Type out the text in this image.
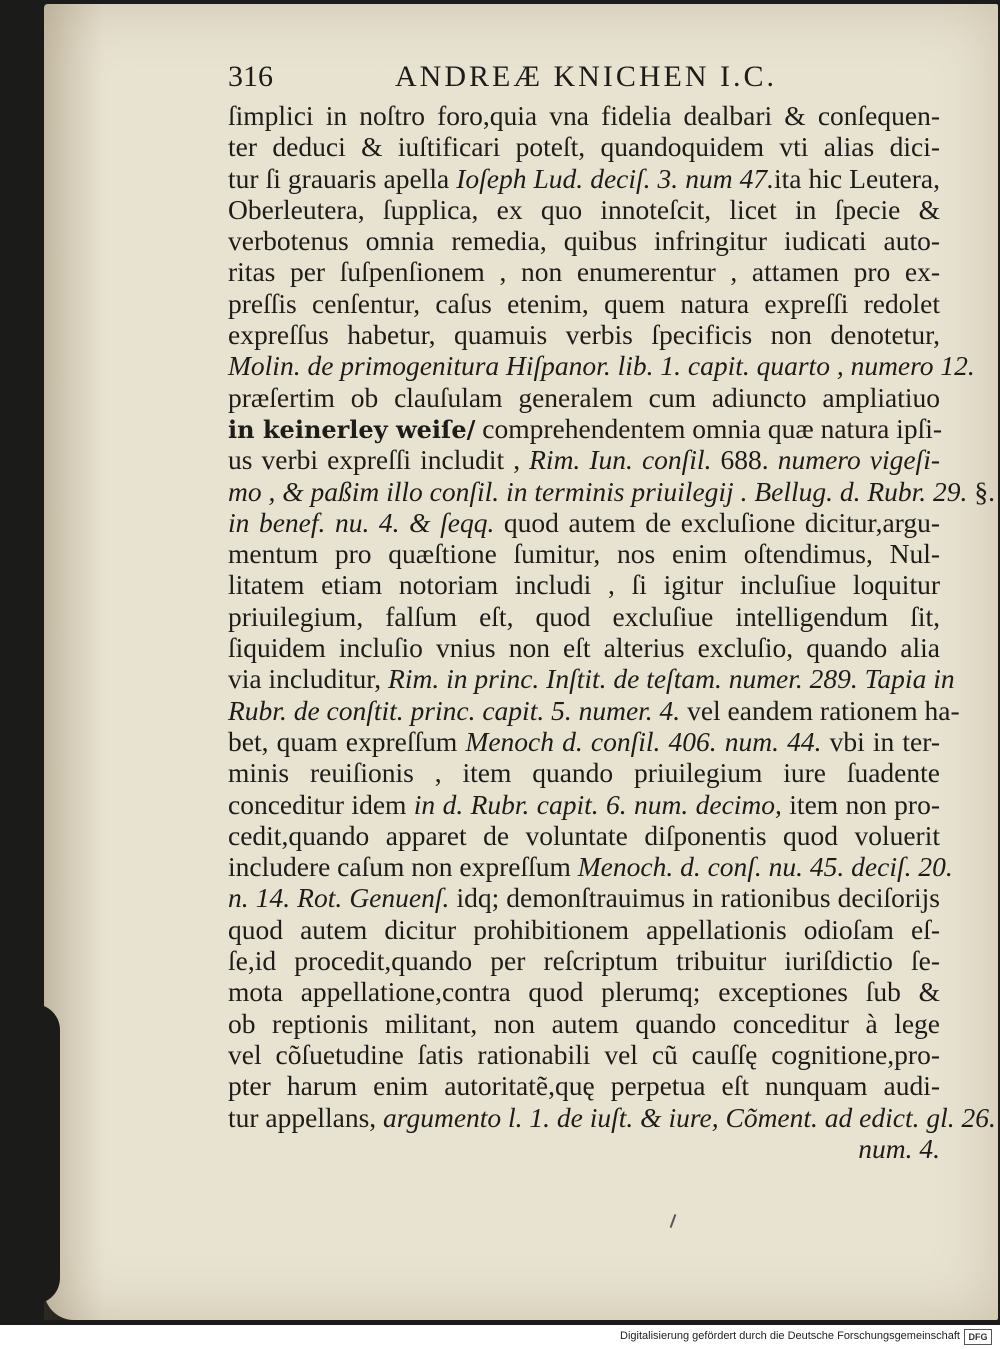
316	ANDREÆ KNICHEN I.C.
ſimplici in noſtro foro,quia vna fidelia dealbari & conſequen-
ter deduci & iuſtificari poteſt, quandoquidem vti alias dici-
tur ſi grauaris apella Ioſeph Lud. deciſ. 3. num 47.ita hic Leutera,
Oberleutera, ſupplica, ex quo innoteſcit, licet in ſpecie &
verbotenus omnia remedia, quibus infringitur iudicati auto-
ritas per ſuſpenſionem , non enumerentur , attamen pro ex-
preſſis cenſentur, caſus etenim, quem natura expreſſi redolet
expreſſus habetur, quamuis verbis ſpecificis non denotetur,
Molin. de primogenitura Hiſpanor. lib. 1. capit. quarto , numero 12.
præſertim ob clauſulam generalem cum adiuncto ampliatiuo
in keinerley weiſe/ comprehendentem omnia quæ natura ipſi-
us verbi expreſſi includit , Rim. Iun. conſil. 688. numero vigeſi-
mo , & paßim illo conſil. in terminis priuilegij . Bellug. d. Rubr. 29. §.
in benef. nu. 4. & ſeqq. quod autem de excluſione dicitur,argu-
mentum pro quæſtione ſumitur, nos enim oſtendimus, Nul-
litatem etiam notoriam includi , ſi igitur incluſiue loquitur
priuilegium, falſum eſt, quod excluſiue intelligendum ſit,
ſiquidem incluſio vnius non eſt alterius excluſio, quando alia
via includitur, Rim. in princ. Inſtit. de teſtam. numer. 289. Tapia in
Rubr. de conſtit. princ. capit. 5. numer. 4. vel eandem rationem ha-
bet, quam expreſſum Menoch d. conſil. 406. num. 44. vbi in ter-
minis reuiſionis , item quando priuilegium iure ſuadente
conceditur idem in d. Rubr. capit. 6. num. decimo, item non pro-
cedit,quando apparet de voluntate diſponentis quod voluerit
includere caſum non expreſſum Menoch. d. conſ. nu. 45. deciſ. 20.
n. 14. Rot. Genuenſ. idq; demonſtrauimus in rationibus deciſorijs
quod autem dicitur prohibitionem appellationis odioſam eſ-
ſe,id procedit,quando per reſcriptum tribuitur iuriſdictio ſe-
mota appellatione,contra quod plerumq; exceptiones ſub &
ob reptionis militant, non autem quando conceditur à lege
vel cõſuetudine ſatis rationabili vel cũ cauſſę cognitione,pro-
pter harum enim autoritatẽ,quę perpetua eſt nunquam audi-
tur appellans, argumento l. 1. de iuſt. & iure, Cõment. ad edict. gl. 26.
num. 4.
Digitalisierung gefördert durch die Deutsche Forschungsgemeinschaft DFG
